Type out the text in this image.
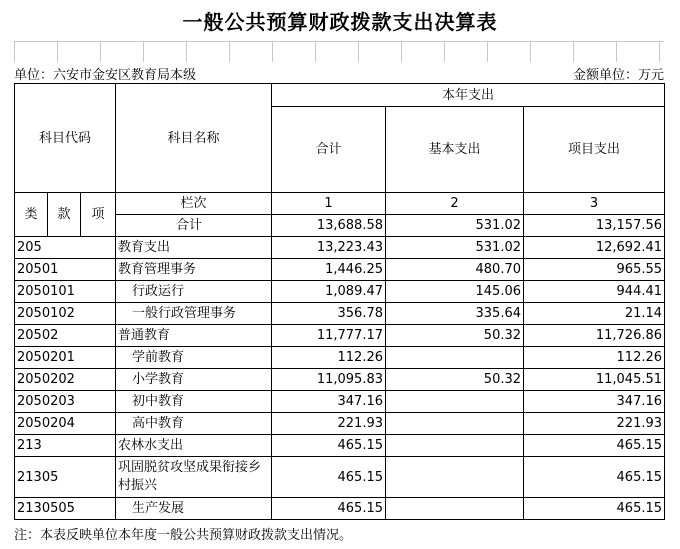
一般公共预算财政拨款支出决算表
单位：六安市金安区教育局本级	金额单位：万元
科目代码			科目名称	本年支出		
				合计	基本支出	项目支出

类	款	项	栏次	1	2	3
			合计	13,688.58	531.02	13,157.56
205			教育支出	13,223.43	531.02	12,692.41
20501			教育管理事务	1,446.25	480.70	965.55
2050101			行政运行	1,089.47	145.06	944.41
2050102			一般行政管理事务	356.78	335.64	21.14
20502			普通教育	11,777.17	50.32	11,726.86
2050201			学前教育	112.26		112.26
2050202			小学教育	11,095.83	50.32	11,045.51
2050203			初中教育	347.16		347.16
2050204			高中教育	221.93		221.93
213			农林水支出	465.15		465.15
21305			巩固脱贫攻坚成果衔接乡村振兴	465.15		465.15
2130505			生产发展	465.15		465.15
注：本表反映单位本年度一般公共预算财政拨款支出情况。
